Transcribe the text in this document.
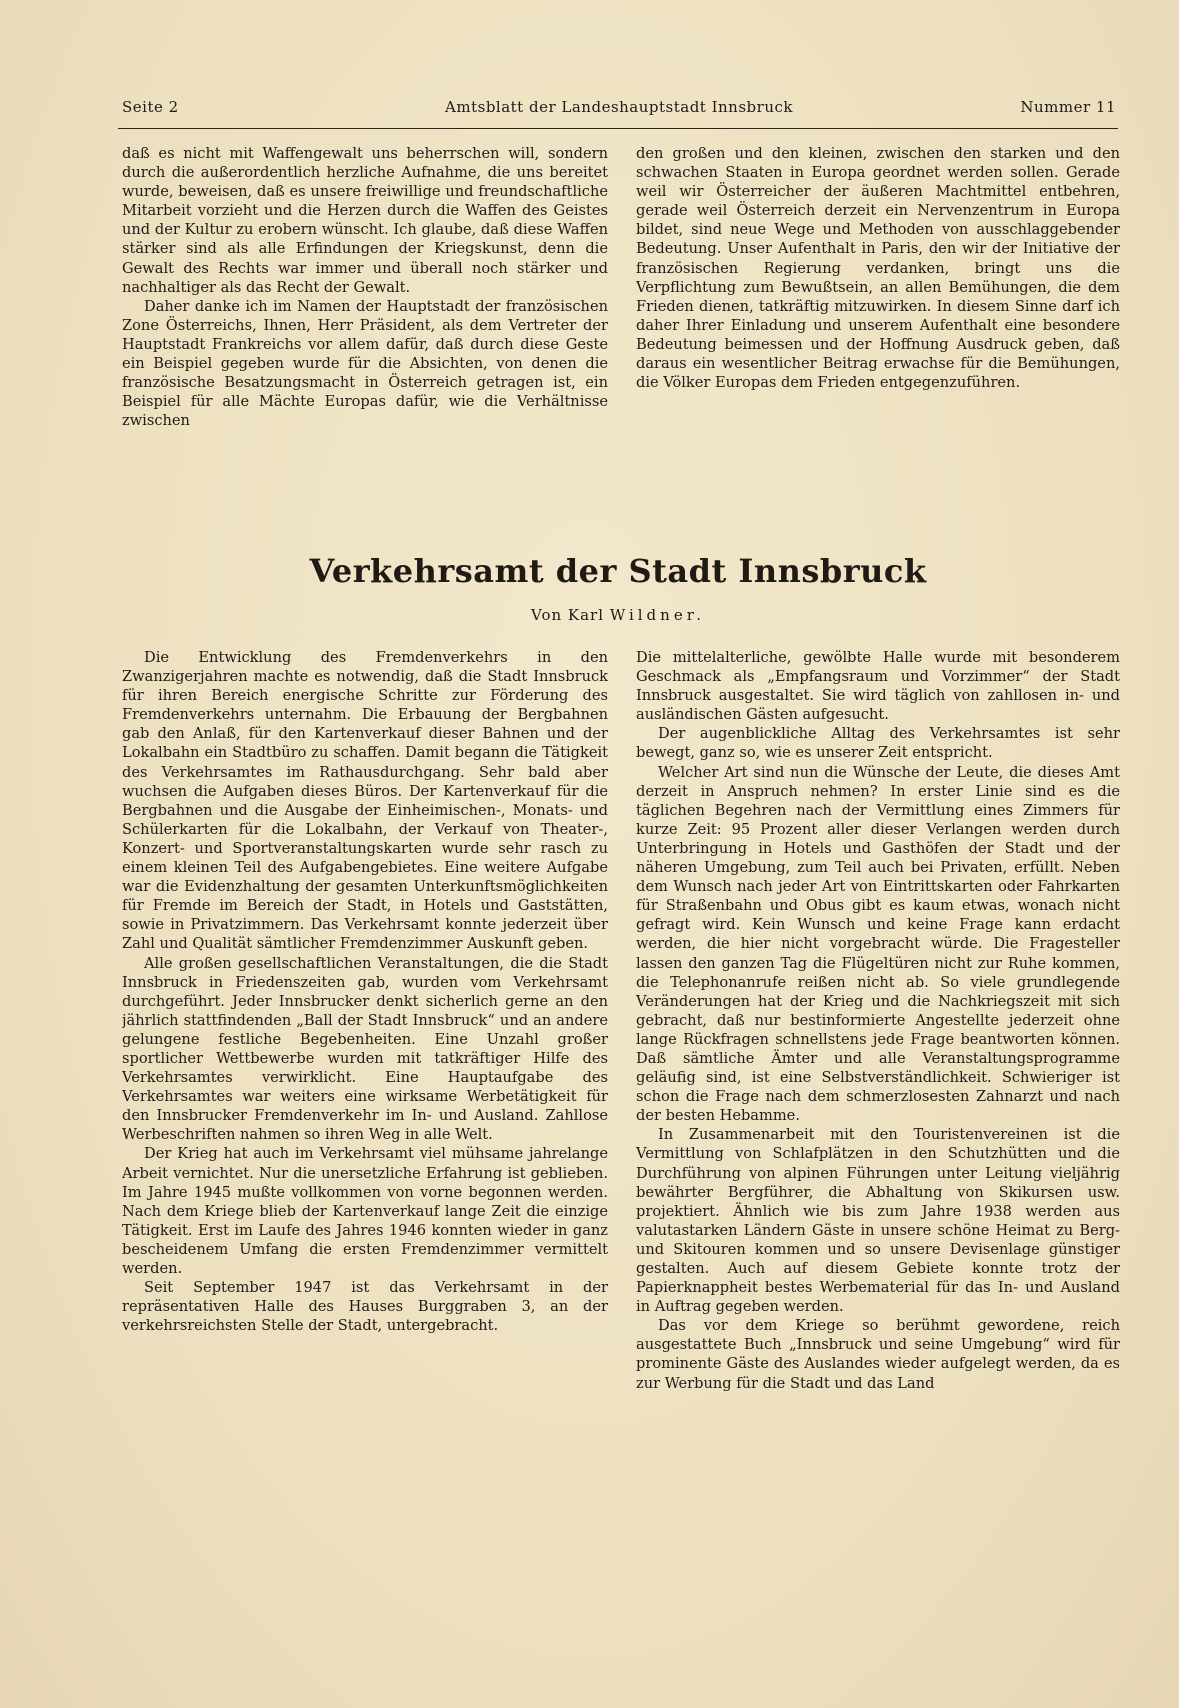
Seite 2	Amtsblatt der Landeshauptstadt Innsbruck	Nummer 11

daß es nicht mit Waffengewalt uns beherrschen will, sondern durch die außerordentlich herzliche Aufnahme, die uns bereitet wurde, beweisen, daß es unsere freiwillige und freundschaftliche Mitarbeit vorzieht und die Herzen durch die Waffen des Geistes und der Kultur zu erobern wünscht. Ich glaube, daß diese Waffen stärker sind als alle Erfindungen der Kriegskunst, denn die Gewalt des Rechts war immer und überall noch stärker und nachhaltiger als das Recht der Gewalt.

Daher danke ich im Namen der Hauptstadt der französischen Zone Österreichs, Ihnen, Herr Präsident, als dem Vertreter der Hauptstadt Frankreichs vor allem dafür, daß durch diese Geste ein Beispiel gegeben wurde für die Absichten, von denen die französische Besatzungsmacht in Österreich getragen ist, ein Beispiel für alle Mächte Europas dafür, wie die Verhältnisse zwischen

den großen und den kleinen, zwischen den starken und den schwachen Staaten in Europa geordnet werden sollen. Gerade weil wir Österreicher der äußeren Machtmittel entbehren, gerade weil Österreich derzeit ein Nervenzentrum in Europa bildet, sind neue Wege und Methoden von ausschlaggebender Bedeutung. Unser Aufenthalt in Paris, den wir der Initiative der französischen Regierung verdanken, bringt uns die Verpflichtung zum Bewußtsein, an allen Bemühungen, die dem Frieden dienen, tatkräftig mitzuwirken. In diesem Sinne darf ich daher Ihrer Einladung und unserem Aufenthalt eine besondere Bedeutung beimessen und der Hoffnung Ausdruck geben, daß daraus ein wesentlicher Beitrag erwachse für die Bemühungen, die Völker Europas dem Frieden entgegenzuführen.

Verkehrsamt der Stadt Innsbruck
Von Karl Wildner.

Die Entwicklung des Fremdenverkehrs in den Zwanzigerjahren machte es notwendig, daß die Stadt Innsbruck für ihren Bereich energische Schritte zur Förderung des Fremdenverkehrs unternahm. Die Erbauung der Bergbahnen gab den Anlaß, für den Kartenverkauf dieser Bahnen und der Lokalbahn ein Stadtbüro zu schaffen. Damit begann die Tätigkeit des Verkehrsamtes im Rathausdurchgang. Sehr bald aber wuchsen die Aufgaben dieses Büros. Der Kartenverkauf für die Bergbahnen und die Ausgabe der Einheimischen-, Monats- und Schülerkarten für die Lokalbahn, der Verkauf von Theater-, Konzert- und Sportveranstaltungskarten wurde sehr rasch zu einem kleinen Teil des Aufgabengebietes. Eine weitere Aufgabe war die Evidenzhaltung der gesamten Unterkunftsmöglichkeiten für Fremde im Bereich der Stadt, in Hotels und Gaststätten, sowie in Privatzimmern. Das Verkehrsamt konnte jederzeit über Zahl und Qualität sämtlicher Fremdenzimmer Auskunft geben.

Alle großen gesellschaftlichen Veranstaltungen, die die Stadt Innsbruck in Friedenszeiten gab, wurden vom Verkehrsamt durchgeführt. Jeder Innsbrucker denkt sicherlich gerne an den jährlich stattfindenden „Ball der Stadt Innsbruck“ und an andere gelungene festliche Begebenheiten. Eine Unzahl großer sportlicher Wettbewerbe wurden mit tatkräftiger Hilfe des Verkehrsamtes verwirklicht. Eine Hauptaufgabe des Verkehrsamtes war weiters eine wirksame Werbetätigkeit für den Innsbrucker Fremdenverkehr im In- und Ausland. Zahllose Werbeschriften nahmen so ihren Weg in alle Welt.

Der Krieg hat auch im Verkehrsamt viel mühsame jahrelange Arbeit vernichtet. Nur die unersetzliche Erfahrung ist geblieben. Im Jahre 1945 mußte vollkommen von vorne begonnen werden. Nach dem Kriege blieb der Kartenverkauf lange Zeit die einzige Tätigkeit. Erst im Laufe des Jahres 1946 konnten wieder in ganz bescheidenem Umfang die ersten Fremdenzimmer vermittelt werden.

Seit September 1947 ist das Verkehrsamt in der repräsentativen Halle des Hauses Burggraben 3, an der verkehrsreichsten Stelle der Stadt, untergebracht.

Die mittelalterliche, gewölbte Halle wurde mit besonderem Geschmack als „Empfangsraum und Vorzimmer“ der Stadt Innsbruck ausgestaltet. Sie wird täglich von zahllosen in- und ausländischen Gästen aufgesucht.

Der augenblickliche Alltag des Verkehrsamtes ist sehr bewegt, ganz so, wie es unserer Zeit entspricht.

Welcher Art sind nun die Wünsche der Leute, die dieses Amt derzeit in Anspruch nehmen? In erster Linie sind es die täglichen Begehren nach der Vermittlung eines Zimmers für kurze Zeit: 95 Prozent aller dieser Verlangen werden durch Unterbringung in Hotels und Gasthöfen der Stadt und der näheren Umgebung, zum Teil auch bei Privaten, erfüllt. Neben dem Wunsch nach jeder Art von Eintrittskarten oder Fahrkarten für Straßenbahn und Obus gibt es kaum etwas, wonach nicht gefragt wird. Kein Wunsch und keine Frage kann erdacht werden, die hier nicht vorgebracht würde. Die Fragesteller lassen den ganzen Tag die Flügeltüren nicht zur Ruhe kommen, die Telephonanrufe reißen nicht ab. So viele grundlegende Veränderungen hat der Krieg und die Nachkriegszeit mit sich gebracht, daß nur bestinformierte Angestellte jederzeit ohne lange Rückfragen schnellstens jede Frage beantworten können. Daß sämtliche Ämter und alle Veranstaltungsprogramme geläufig sind, ist eine Selbstverständlichkeit. Schwieriger ist schon die Frage nach dem schmerzlosesten Zahnarzt und nach der besten Hebamme.

In Zusammenarbeit mit den Touristenvereinen ist die Vermittlung von Schlafplätzen in den Schutzhütten und die Durchführung von alpinen Führungen unter Leitung vieljährig bewährter Bergführer, die Abhaltung von Skikursen usw. projektiert. Ähnlich wie bis zum Jahre 1938 werden aus valutastarken Ländern Gäste in unsere schöne Heimat zu Berg- und Skitouren kommen und so unsere Devisenlage günstiger gestalten. Auch auf diesem Gebiete konnte trotz der Papierknappheit bestes Werbematerial für das In- und Ausland in Auftrag gegeben werden.

Das vor dem Kriege so berühmt gewordene, reich ausgestattete Buch „Innsbruck und seine Umgebung“ wird für prominente Gäste des Auslandes wieder aufgelegt werden, da es zur Werbung für die Stadt und das Land
